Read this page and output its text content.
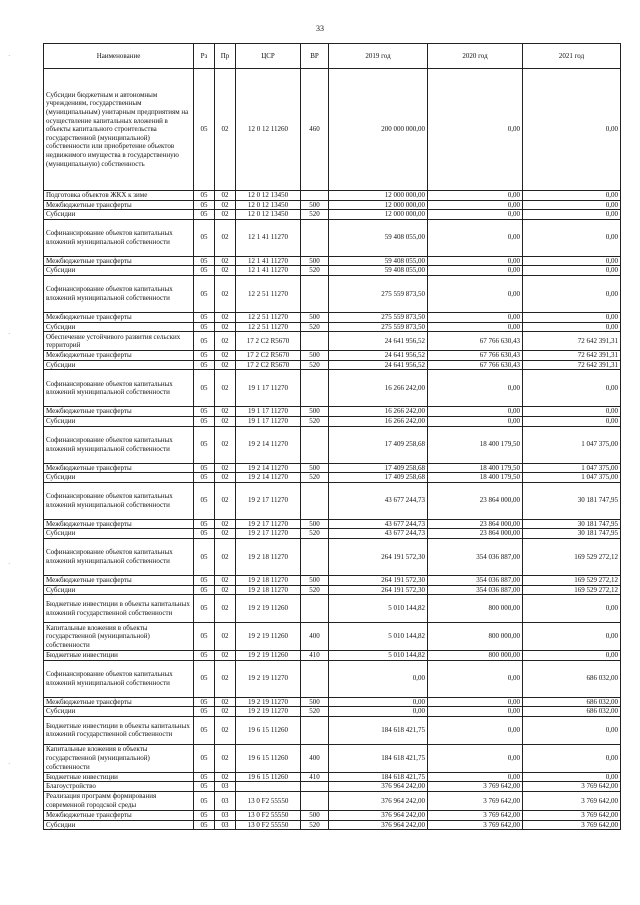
33
·
·
·
·
Наименование	Рз	Пр	ЦСР	ВР	2019 год	2020 год	2021 год
Субсидии бюджетным и автономным учреждениям, государственным (муниципальным) унитарным предприятиям на осуществление капитальных вложений в объекты капитального строительства государственной (муниципальной) собственности или приобретение объектов недвижимого имущества в государственную (муниципальную) собственность	05	02	12 0 12 11260	460	200 000 000,00	0,00	0,00
Подготовка объектов ЖКХ к зиме	05	02	12 0 12 13450		12 000 000,00	0,00	0,00
Межбюджетные трансферты	05	02	12 0 12 13450	500	12 000 000,00	0,00	0,00
Субсидии	05	02	12 0 12 13450	520	12 000 000,00	0,00	0,00
Софинансирование объектов капитальных вложений муниципальной собственности	05	02	12 1 41 11270		59 408 055,00	0,00	0,00
Межбюджетные трансферты	05	02	12 1 41 11270	500	59 408 055,00	0,00	0,00
Субсидии	05	02	12 1 41 11270	520	59 408 055,00	0,00	0,00
Софинансирование объектов капитальных вложений муниципальной собственности	05	02	12 2 51 11270		275 559 873,50	0,00	0,00
Межбюджетные трансферты	05	02	12 2 51 11270	500	275 559 873,50	0,00	0,00
Субсидии	05	02	12 2 51 11270	520	275 559 873,50	0,00	0,00
Обеспечение устойчивого развития сельских территорий	05	02	17 2 C2 R5670		24 641 956,52	67 766 630,43	72 642 391,31
Межбюджетные трансферты	05	02	17 2 C2 R5670	500	24 641 956,52	67 766 630,43	72 642 391,31
Субсидии	05	02	17 2 C2 R5670	520	24 641 956,52	67 766 630,43	72 642 391,31
Софинансирование объектов капитальных вложений муниципальной собственности	05	02	19 1 17 11270		16 266 242,00	0,00	0,00
Межбюджетные трансферты	05	02	19 1 17 11270	500	16 266 242,00	0,00	0,00
Субсидии	05	02	19 1 17 11270	520	16 266 242,00	0,00	0,00
Софинансирование объектов капитальных вложений муниципальной собственности	05	02	19 2 14 11270		17 409 258,68	18 400 179,50	1 047 375,00
Межбюджетные трансферты	05	02	19 2 14 11270	500	17 409 258,68	18 400 179,50	1 047 375,00
Субсидии	05	02	19 2 14 11270	520	17 409 258,68	18 400 179,50	1 047 375,00
Софинансирование объектов капитальных вложений муниципальной собственности	05	02	19 2 17 11270		43 677 244,73	23 864 000,00	30 181 747,95
Межбюджетные трансферты	05	02	19 2 17 11270	500	43 677 244,73	23 864 000,00	30 181 747,95
Субсидии	05	02	19 2 17 11270	520	43 677 244,73	23 864 000,00	30 181 747,95
Софинансирование объектов капитальных вложений муниципальной собственности	05	02	19 2 18 11270		264 191 572,30	354 036 887,00	169 529 272,12
Межбюджетные трансферты	05	02	19 2 18 11270	500	264 191 572,30	354 036 887,00	169 529 272,12
Субсидии	05	02	19 2 18 11270	520	264 191 572,30	354 036 887,00	169 529 272,12
Бюджетные инвестиции в объекты капитальных вложений государственной собственности	05	02	19 2 19 11260		5 010 144,82	800 000,00	0,00
Капитальные вложения в объекты государственной (муниципальной) собственности	05	02	19 2 19 11260	400	5 010 144,82	800 000,00	0,00
Бюджетные инвестиции	05	02	19 2 19 11260	410	5 010 144,82	800 000,00	0,00
Софинансирование объектов капитальных вложений муниципальной собственности	05	02	19 2 19 11270		0,00	0,00	686 032,00
Межбюджетные трансферты	05	02	19 2 19 11270	500	0,00	0,00	686 032,00
Субсидии	05	02	19 2 19 11270	520	0,00	0,00	686 032,00
Бюджетные инвестиции в объекты капитальных вложений государственной собственности	05	02	19 6 15 11260		184 618 421,75	0,00	0,00
Капитальные вложения в объекты государственной (муниципальной) собственности	05	02	19 6 15 11260	400	184 618 421,75	0,00	0,00
Бюджетные инвестиции	05	02	19 6 15 11260	410	184 618 421,75	0,00	0,00
Благоустройство	05	03			376 964 242,00	3 769 642,00	3 769 642,00
Реализация программ формирования современной городской среды	05	03	13 0 F2 55550		376 964 242,00	3 769 642,00	3 769 642,00
Межбюджетные трансферты	05	03	13 0 F2 55550	500	376 964 242,00	3 769 642,00	3 769 642,00
Субсидии	05	03	13 0 F2 55550	520	376 964 242,00	3 769 642,00	3 769 642,00
